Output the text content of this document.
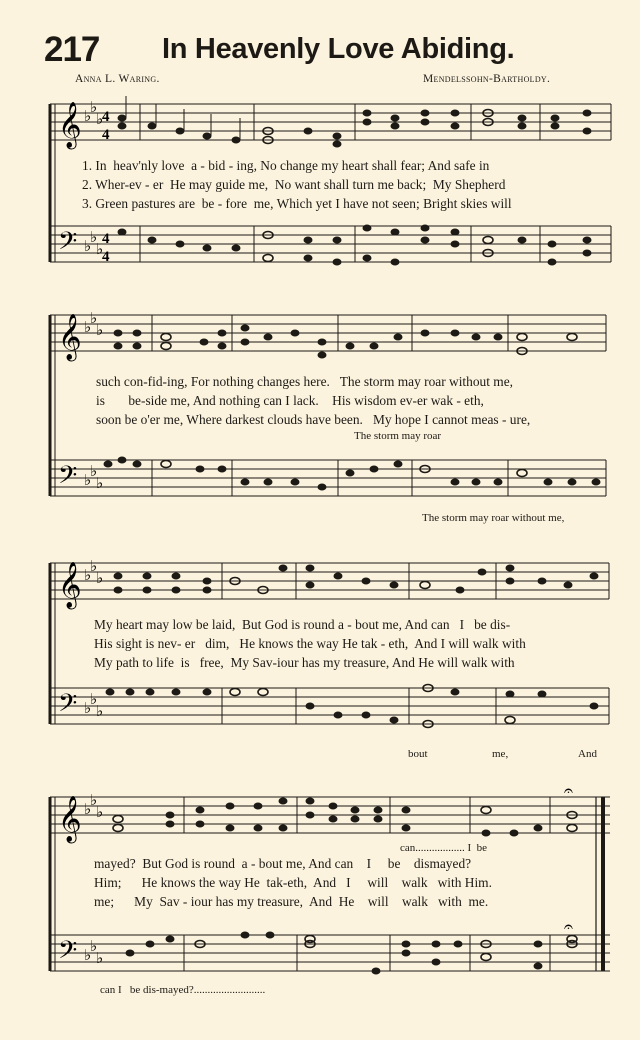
217 In Heavenly Love Abiding.
Anna L. Waring.	Mendelssohn-Bartholdy.
𝄞
𝄢
♭
♭
♭
♭
♭
♭
4
4
4
4
1. In  heav'nly love  a - bid - ing, No change my heart shall fear; And safe in
2. Wher-ev - er  He may guide me,  No want shall turn me back;  My Shepherd
3. Green pastures are  be - fore  me, Which yet I have not seen; Bright skies will
𝄞
𝄢
♭
♭
♭
♭
♭
♭
such con-fid-ing, For nothing changes here.   The storm may roar without me,
is       be-side me, And nothing can I lack.    His wisdom ev-er wak - eth,
soon be o'er me, Where darkest clouds have been.   My hope I cannot meas - ure,
The storm may roar
The storm may roar without me,
𝄞
𝄢
♭
♭
♭
♭
♭
♭
My heart may low be laid,  But God is round a - bout me, And can   I   be dis-
His sight is nev- er   dim,   He knows the way He tak - eth,  And I will walk with
My path to life  is   free,  My Sav-iour has my treasure, And He will walk with
bout	me,	And
𝄞
𝄢
♭
♭
♭
♭
♭
♭
𝄐
𝄐
can.................. I  be
mayed?  But God is round  a - bout me, And can    I     be    dismayed?
Him;      He knows the way He  tak-eth,  And   I     will    walk   with Him.
me;      My  Sav - iour has my treasure,  And  He    will    walk   with  me.
can I   be dis-mayed?..........................
